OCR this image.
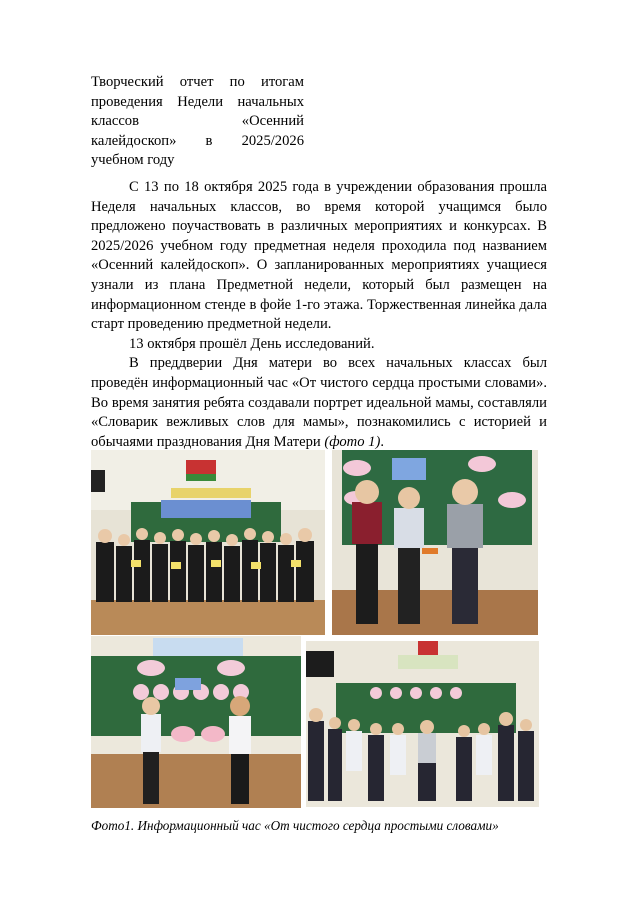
Творческий отчет по итогам
проведения Недели начальных
классов «Осенний
калейдоскоп» в 2025/2026
учебном году

С 13 по 18 октября 2025 года в учреждении образования прошла Неделя начальных классов, во время которой учащимся было предложено поучаствовать в различных мероприятиях и конкурсах. В 2025/2026 учебном году предметная неделя проходила под названием «Осенний калейдоскоп». О запланированных мероприятиях учащиеся узнали из плана Предметной недели, который был размещен на информационном стенде в фойе 1-го этажа. Торжественная линейка дала старт проведению предметной недели.

13 октября прошёл День исследований.

В преддверии Дня матери во всех начальных классах был проведён информационный час «От чистого сердца простыми словами». Во время занятия ребята создавали портрет идеальной мамы, составляли «Словарик вежливых слов для мамы», познакомились с историей и обычаями празднования Дня Матери (фото 1).

Фото1. Информационный час «От чистого сердца простыми словами»
